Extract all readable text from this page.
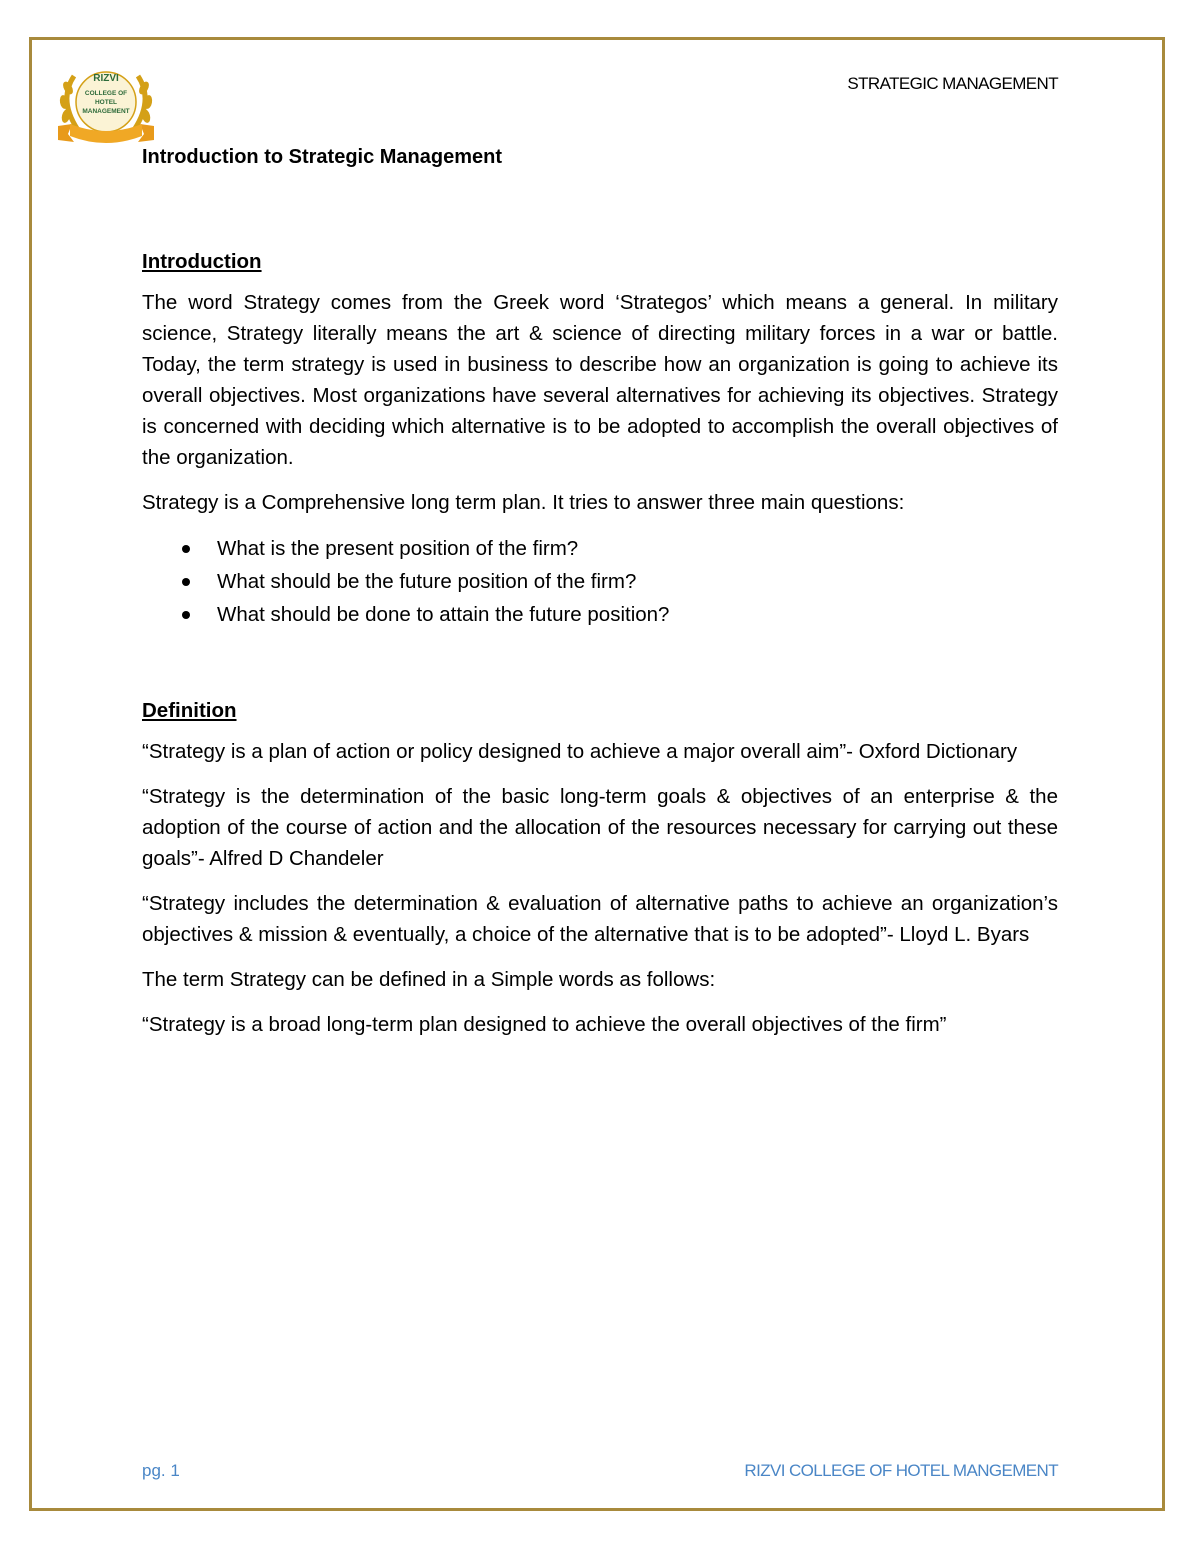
RIZVI
COLLEGE OF
HOTEL
MANAGEMENT
STRATEGIC MANAGEMENT
Introduction to Strategic Management
Introduction

The word Strategy comes from the Greek word ‘Strategos’ which means a general. In military science, Strategy literally means the art & science of directing military forces in a war or battle. Today, the term strategy is used in business to describe how an organization is going to achieve its overall objectives. Most organizations have several alternatives for achieving its objectives. Strategy is concerned with deciding which alternative is to be adopted to accomplish the overall objectives of the organization.

Strategy is a Comprehensive long term plan. It tries to answer three main questions:

What is the present position of the firm?
What should be the future position of the firm?
What should be done to attain the future position?
Definition

“Strategy is a plan of action or policy designed to achieve a major overall aim”- Oxford Dictionary

“Strategy is the determination of the basic long-term goals & objectives of an enterprise & the adoption of the course of action and the allocation of the resources necessary for carrying out these goals”- Alfred D Chandeler

“Strategy includes the determination & evaluation of alternative paths to achieve an organization’s objectives & mission & eventually, a choice of the alternative that is to be adopted”- Lloyd L. Byars

The term Strategy can be defined in a Simple words as follows:

“Strategy is a broad long-term plan designed to achieve the overall objectives of the firm”

pg. 1	RIZVI COLLEGE OF HOTEL MANGEMENT
